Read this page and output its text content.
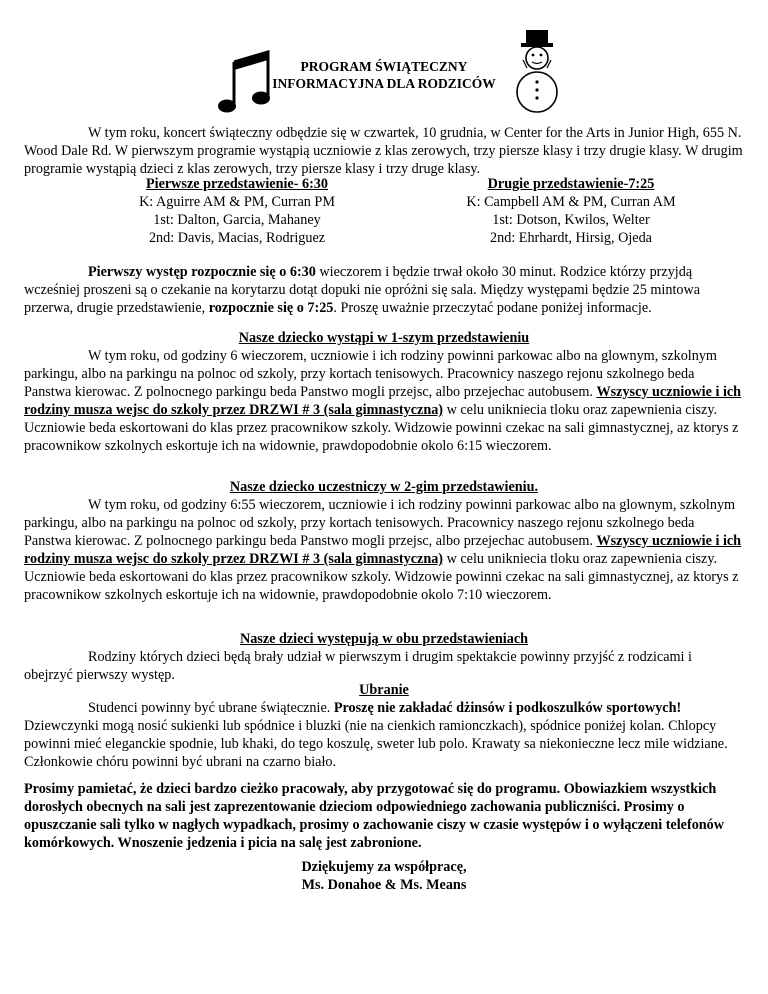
PROGRAM ŚWIĄTECZNY
INFORMACYJNA DLA RODZICÓW

W tym roku, koncert świąteczny odbędzie się w czwartek, 10 grudnia, w Center for the Arts in Junior High, 655 N. Wood Dale Rd. W pierwszym programie wystąpią uczniowie z klas zerowych, trzy piersze klasy i trzy drugie klasy. W drugim programie wystąpią dzieci z klas zerowych, trzy piersze klasy i trzy druge klasy.

Pierwsze przedstawienie- 6:30
K: Aguirre AM & PM, Curran PM
1st: Dalton, Garcia, Mahaney
2nd: Davis, Macias, Rodriguez
Drugie przedstawienie-7:25
K: Campbell AM & PM, Curran AM
1st: Dotson, Kwilos, Welter
2nd: Ehrhardt, Hirsig, Ojeda

Pierwszy występ rozpocznie się o 6:30 wieczorem i będzie trwał około 30 minut. Rodzice którzy przyjdą wcześniej proszeni są o czekanie na korytarzu dotąt dopuki nie opróżni się sala. Między występami będzie 25 mintowa przerwa, drugie przedstawienie, rozpocznie się o 7:25. Proszę uważnie przeczytać podane poniżej informacje.

Nasze dziecko wystąpi w 1-szym przedstawieniu

W tym roku, od godziny 6 wieczorem, uczniowie i ich rodziny powinni parkowac albo na glownym, szkolnym parkingu, albo na parkingu na polnoc od szkoly, przy kortach tenisowych. Pracownicy naszego rejonu szkolnego beda Panstwa kierowac. Z polnocnego parkingu beda Panstwo mogli przejsc, albo przejechac autobusem. Wszyscy uczniowie i ich rodziny musza wejsc do szkoly przez DRZWI # 3 (sala gimnastyczna) w celu unikniecia tloku oraz zapewnienia ciszy. Uczniowie beda eskortowani do klas przez pracownikow szkoly. Widzowie powinni czekac na sali gimnastycznej, az ktorys z pracownikow szkolnych eskortuje ich na widownie, prawdopodobnie okolo 6:15 wieczorem.

Nasze dziecko uczestniczy w 2-gim przedstawieniu.

W tym roku, od godziny 6:55 wieczorem, uczniowie i ich rodziny powinni parkowac albo na glownym, szkolnym parkingu, albo na parkingu na polnoc od szkoly, przy kortach tenisowych. Pracownicy naszego rejonu szkolnego beda Panstwa kierowac. Z polnocnego parkingu beda Panstwo mogli przejsc, albo przejechac autobusem. Wszyscy uczniowie i ich rodziny musza wejsc do szkoly przez DRZWI # 3 (sala gimnastyczna) w celu unikniecia tloku oraz zapewnienia ciszy. Uczniowie beda eskortowani do klas przez pracownikow szkoly. Widzowie powinni czekac na sali gimnastycznej, az ktorys z pracownikow szkolnych eskortuje ich na widownie, prawdopodobnie okolo 7:10 wieczorem.

Nasze dzieci występują w obu przedstawieniach

Rodziny których dzieci będą brały udział w pierwszym i drugim spektakcie powinny przyjść z rodzicami i obejrzyć pierwszy występ.

Ubranie

Studenci powinny być ubrane świątecznie. Proszę nie zakładać dżinsów i podkoszulków sportowych! Dziewczynki mogą nosić sukienki lub spódnice i bluzki (nie na cienkich ramionczkach), spódnice poniżej kolan. Chlopcy powinni mieć eleganckie spodnie, lub khaki, do tego koszulę, sweter lub polo. Krawaty sa niekonieczne lecz mile widziane. Członkowie chóru powinni być ubrani na czarno biało.

Prosimy pamietać, że dzieci bardzo cieżko pracowały, aby przygotować się do programu. Obowiazkiem wszystkich dorosłych obecnych na sali jest zaprezentowanie dzieciom odpowiedniego zachowania publiczniści. Prosimy o opuszczanie sali tylko w nagłych wypadkach, prosimy o zachowanie ciszy w czasie występów i o wyłączeni telefonów komórkowych. Wnoszenie jedzenia i picia na salę jest zabronione.

Dziękujemy za współpracę,
Ms. Donahoe & Ms. Means
